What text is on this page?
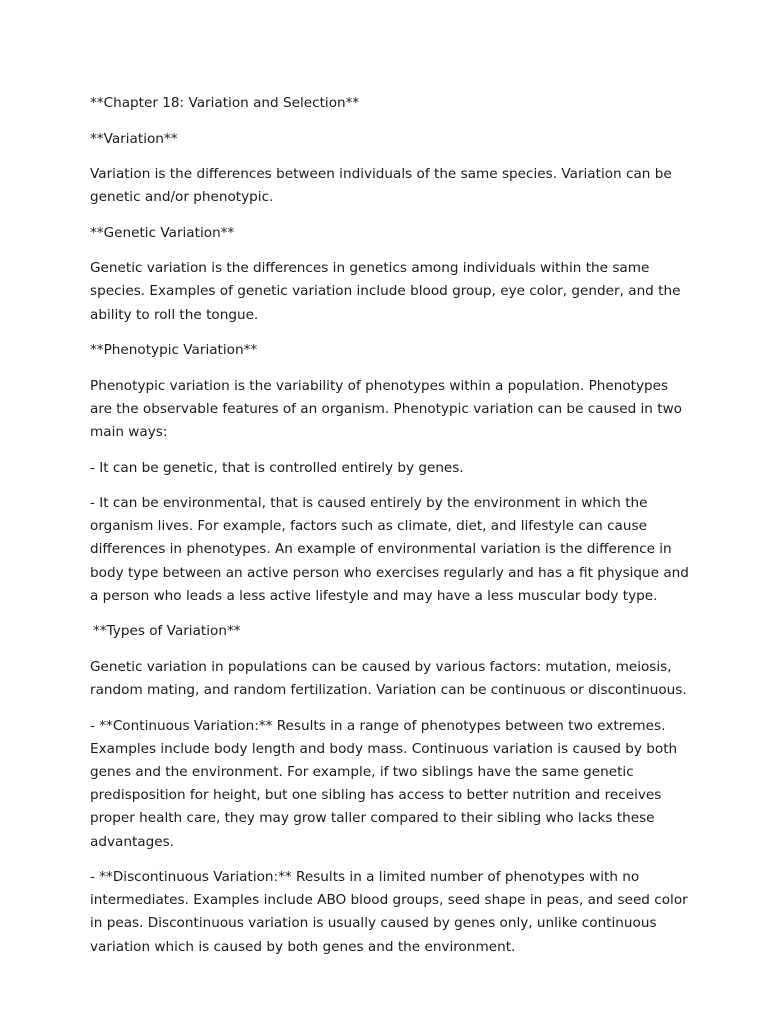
**Chapter 18: Variation and Selection**

**Variation**

Variation is the differences between individuals of the same species. Variation can be genetic and/or phenotypic.

**Genetic Variation**

Genetic variation is the differences in genetics among individuals within the same species. Examples of genetic variation include blood group, eye color, gender, and the ability to roll the tongue.

**Phenotypic Variation**

Phenotypic variation is the variability of phenotypes within a population. Phenotypes are the observable features of an organism. Phenotypic variation can be caused in two main ways:

- It can be genetic, that is controlled entirely by genes.

- It can be environmental, that is caused entirely by the environment in which the organism lives. For example, factors such as climate, diet, and lifestyle can cause differences in phenotypes. An example of environmental variation is the difference in body type between an active person who exercises regularly and has a fit physique and a person who leads a less active lifestyle and may have a less muscular body type.

**Types of Variation**

Genetic variation in populations can be caused by various factors: mutation, meiosis, random mating, and random fertilization. Variation can be continuous or discontinuous.

- **Continuous Variation:** Results in a range of phenotypes between two extremes. Examples include body length and body mass. Continuous variation is caused by both genes and the environment. For example, if two siblings have the same genetic predisposition for height, but one sibling has access to better nutrition and receives proper health care, they may grow taller compared to their sibling who lacks these advantages.

- **Discontinuous Variation:** Results in a limited number of phenotypes with no intermediates. Examples include ABO blood groups, seed shape in peas, and seed color in peas. Discontinuous variation is usually caused by genes only, unlike continuous variation which is caused by both genes and the environment.
